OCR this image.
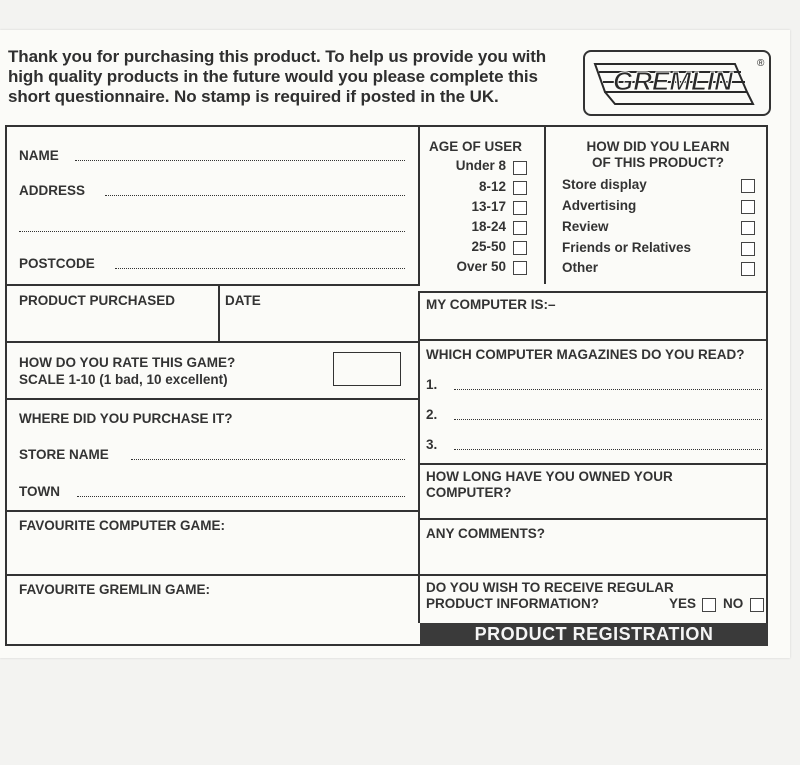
Thank you for purchasing this product. To help us provide you with high quality products in the future would you please complete this short questionnaire. No stamp is required if posted in the UK.
GREMLIN
®
NAME
ADDRESS
POSTCODE
PRODUCT PURCHASED	DATE
HOW DO YOU RATE THIS GAME?
SCALE 1-10 (1 bad, 10 excellent)
WHERE DID YOU PURCHASE IT?
STORE NAME
TOWN
FAVOURITE COMPUTER GAME:
FAVOURITE GREMLIN GAME:
AGE OF USER
Under 8
8-12
13-17
18-24
25-50
Over 50
HOW DID YOU LEARN
OF THIS PRODUCT?
Store display
Advertising
Review
Friends or Relatives
Other
MY COMPUTER IS:–
WHICH COMPUTER MAGAZINES DO YOU READ?
1.
2.
3.
HOW LONG HAVE YOU OWNED YOUR
COMPUTER?
ANY COMMENTS?
DO YOU WISH TO RECEIVE REGULAR
PRODUCT INFORMATION?	YES NO
PRODUCT REGISTRATION
